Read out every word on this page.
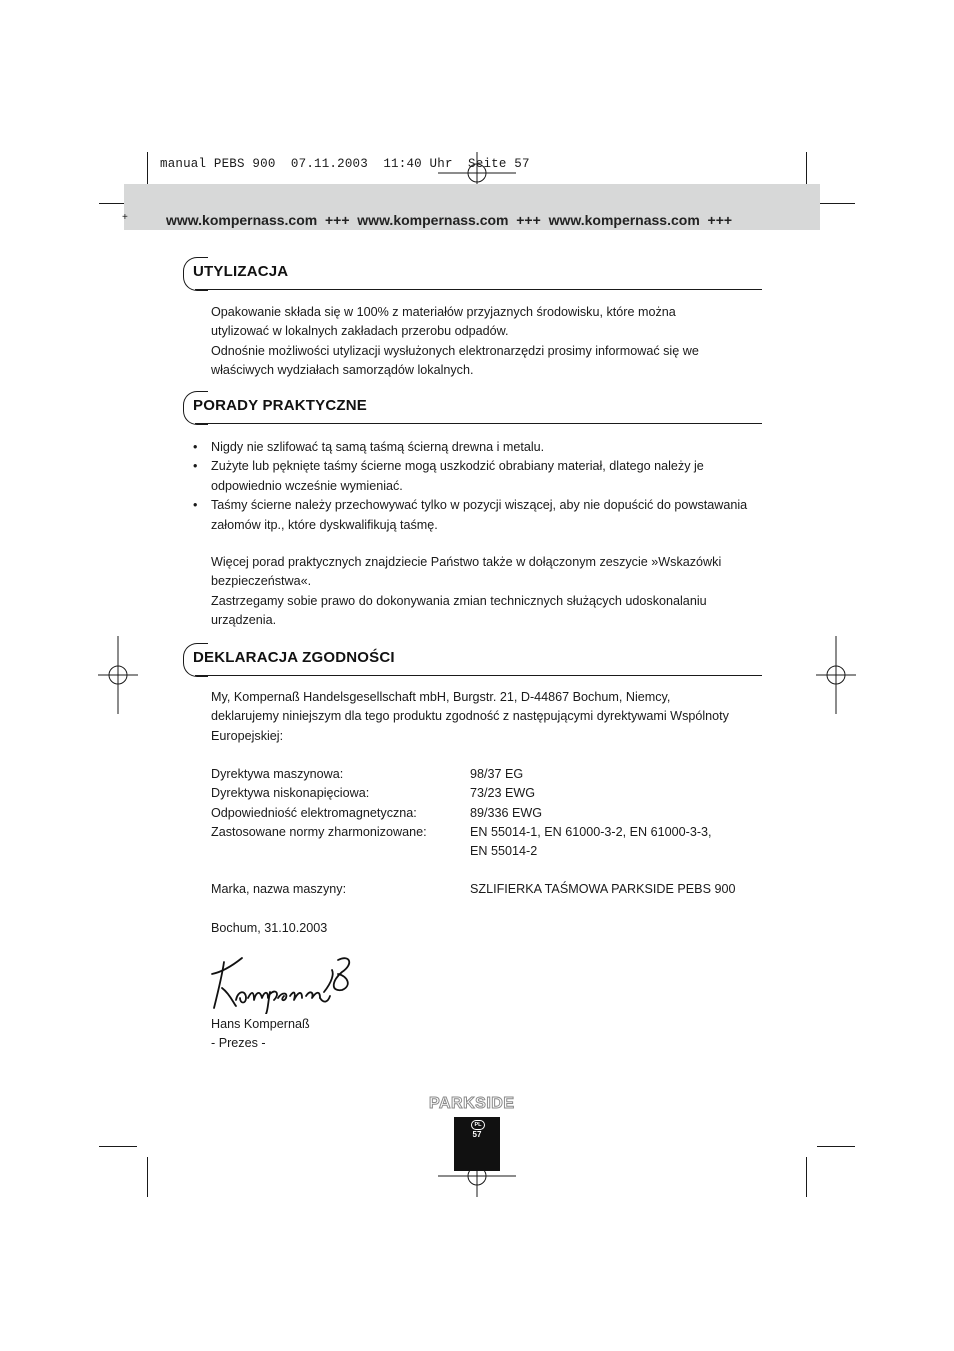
manual PEBS 900  07.11.2003  11:40 Uhr  Seite 57
+	www.kompernass.com  +++  www.kompernass.com  +++  www.kompernass.com  +++
UTYLIZACJA

Opakowanie składa się w 100% z materiałów przyjaznych środowisku, które można

utylizować w lokalnych zakładach przerobu odpadów.

Odnośnie możliwości utylizacji wysłużonych elektronarzędzi prosimy informować się we

właściwych wydziałach samorządów lokalnych.

PORADY PRAKTYCZNE
• Nigdy nie szlifować tą samą taśmą ścierną drewna i metalu.
• Zużyte lub pęknięte taśmy ścierne mogą uszkodzić obrabiany materiał, dlatego należy je odpowiednio wcześnie wymieniać.
• Taśmy ścierne należy przechowywać tylko w pozycji wiszącej, aby nie dopuścić do powstawania załomów itp., które dyskwalifikują taśmę.

Więcej porad praktycznych znajdziecie Państwo także w dołączonym zeszycie »Wskazówki

bezpieczeństwa«.

Zastrzegamy sobie prawo do dokonywania zmian technicznych służących udoskonalaniu

urządzenia.

DEKLARACJA ZGODNOŚCI

My, Kompernaß Handelsgesellschaft mbH, Burgstr. 21, D-44867 Bochum, Niemcy,

deklarujemy niniejszym dla tego produktu zgodność z następującymi dyrektywami Wspólnoty

Europejskiej:

Dyrektywa maszynowa:	98/37 EG
Dyrektywa niskonapięciowa:	73/23 EWG
Odpowiedniość elektromagnetyczna:	89/336 EWG
Zastosowane normy zharmonizowane:	EN 55014-1, EN 61000-3-2, EN 61000-3-3,
EN 55014-2
Marka, nazwa maszyny:	SZLIFIERKA TAŚMOWA PARKSIDE PEBS 900
Bochum, 31.10.2003

Hans Kompernaß

- Prezes -

PARKSIDE
PL
57
